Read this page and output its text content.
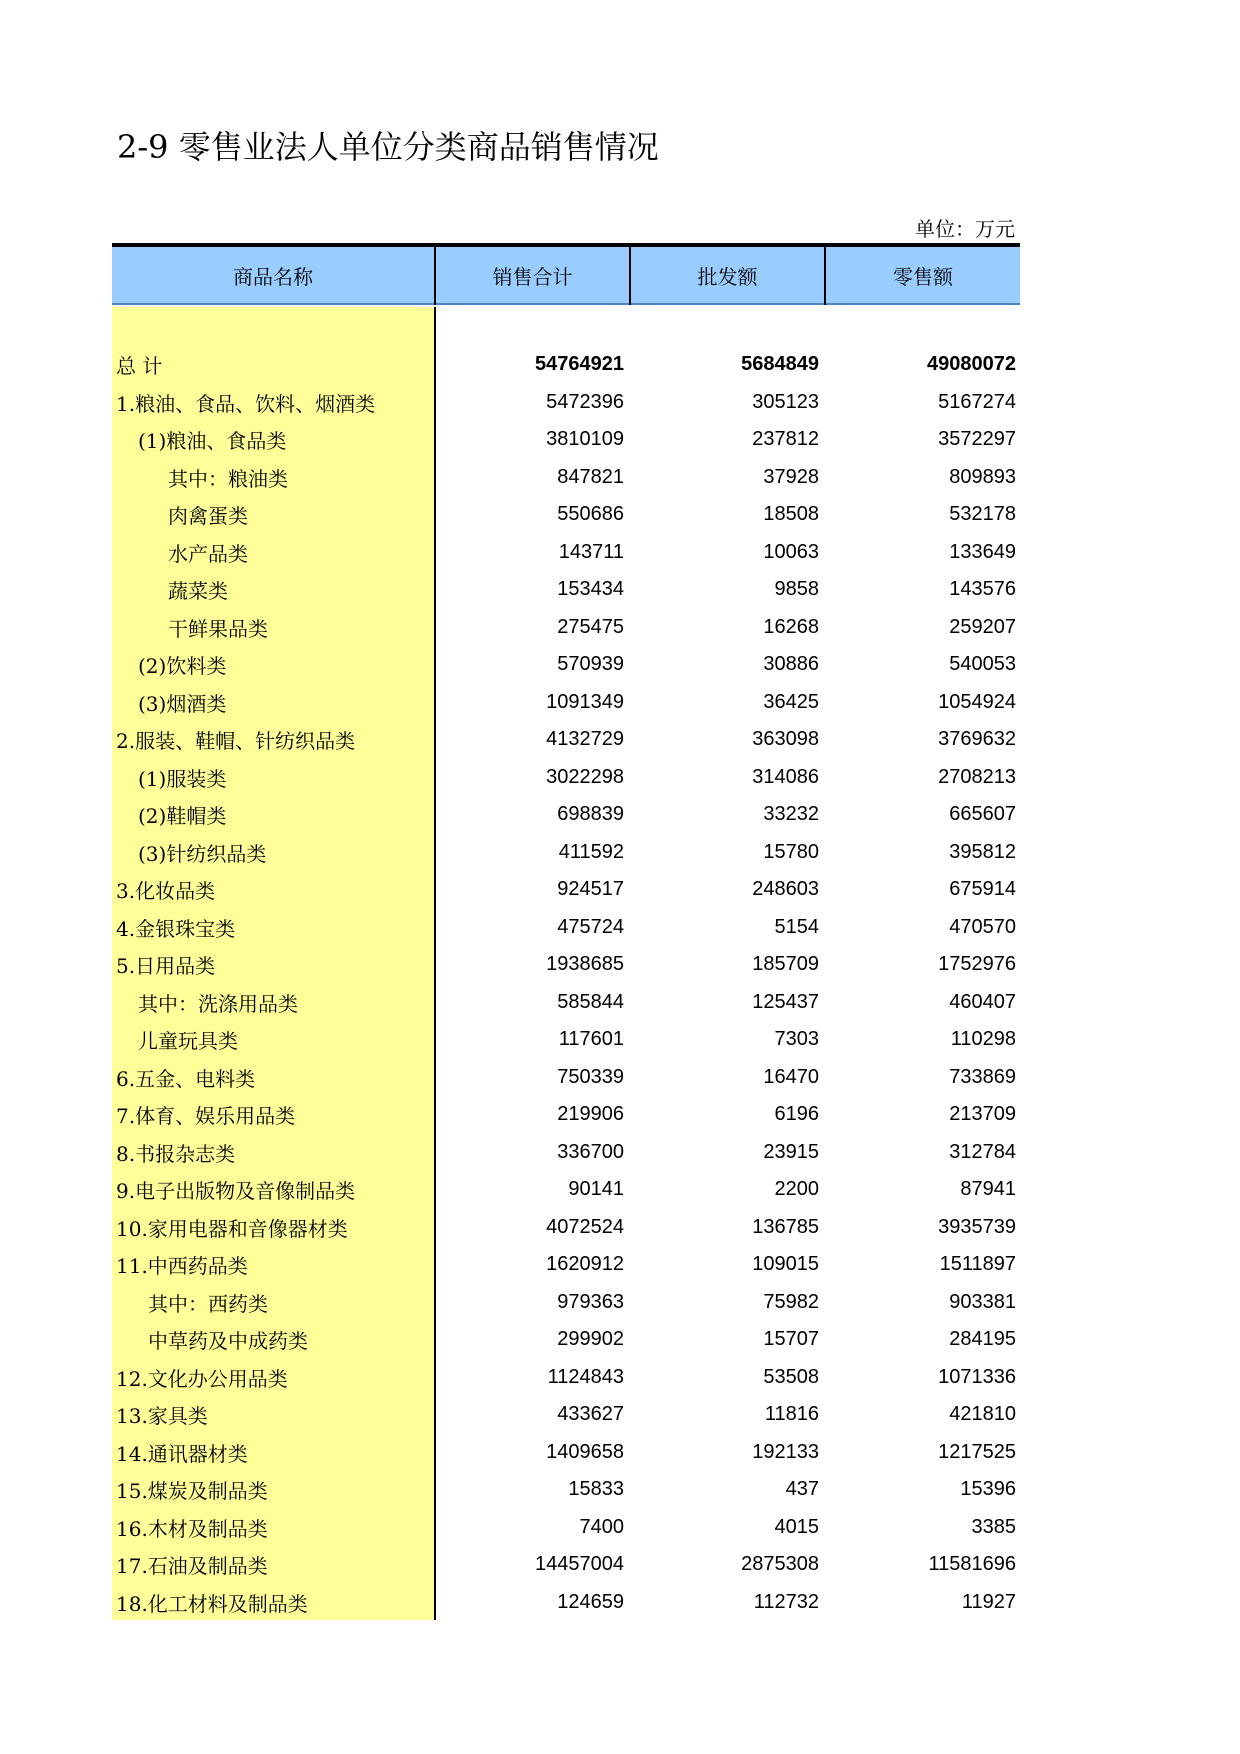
2-9 零售业法人单位分类商品销售情况
单位：万元
商品名称	销售合计	批发额	零售额
总 计	54764921	5684849	49080072
1.粮油、食品、饮料、烟酒类	5472396	305123	5167274
(1)粮油、食品类	3810109	237812	3572297
其中：粮油类	847821	37928	809893
肉禽蛋类	550686	18508	532178
水产品类	143711	10063	133649
蔬菜类	153434	9858	143576
干鲜果品类	275475	16268	259207
(2)饮料类	570939	30886	540053
(3)烟酒类	1091349	36425	1054924
2.服装、鞋帽、针纺织品类	4132729	363098	3769632
(1)服装类	3022298	314086	2708213
(2)鞋帽类	698839	33232	665607
(3)针纺织品类	411592	15780	395812
3.化妆品类	924517	248603	675914
4.金银珠宝类	475724	5154	470570
5.日用品类	1938685	185709	1752976
其中：洗涤用品类	585844	125437	460407
儿童玩具类	117601	7303	110298
6.五金、电料类	750339	16470	733869
7.体育、娱乐用品类	219906	6196	213709
8.书报杂志类	336700	23915	312784
9.电子出版物及音像制品类	90141	2200	87941
10.家用电器和音像器材类	4072524	136785	3935739
11.中西药品类	1620912	109015	1511897
其中：西药类	979363	75982	903381
中草药及中成药类	299902	15707	284195
12.文化办公用品类	1124843	53508	1071336
13.家具类	433627	11816	421810
14.通讯器材类	1409658	192133	1217525
15.煤炭及制品类	15833	437	15396
16.木材及制品类	7400	4015	3385
17.石油及制品类	14457004	2875308	11581696
18.化工材料及制品类	124659	112732	11927
